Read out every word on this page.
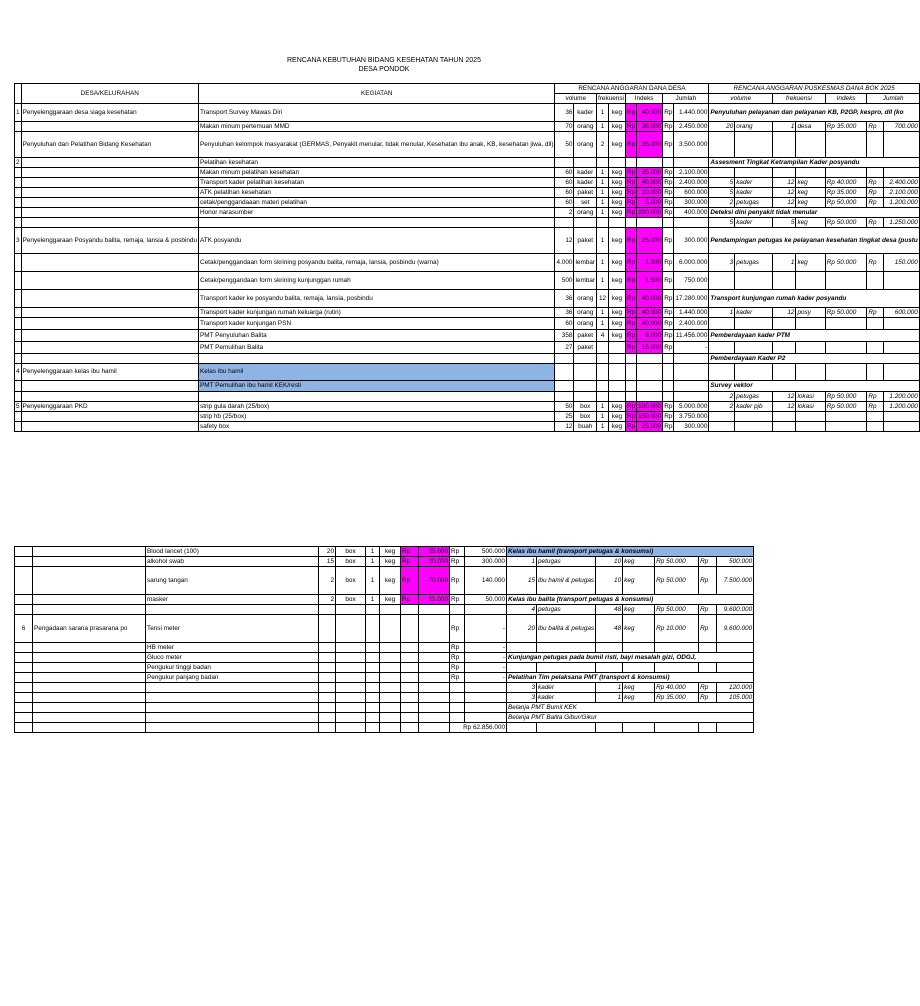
RENCANA KEBUTUHAN BIDANG KESEHATAN TAHUN 2025
DESA PONDOK
	DESA/KELURAHAN	KEGIATAN	RENCANA ANGGARAN DANA DESA								RENCANA ANGGARAN PUSKESMAS DANA BOK 2025						
			volume		frekuensi		Indeks		Jumlah		volume		frekuensi		Indeks	Jumlah	
1	Penyelenggaraan desa siaga kesehatan	Transport Survey Mawas Diri	36	kader	1	keg	Rp	40.000	Rp	1.440.000	Penyuluhan pelayanan dan pelayanan KB, P2GP, kespro, dll (ko						
		Makan minum pertemuan MMD	70	orang	1	keg	Rp	35.000	Rp	2.450.000	20	orang	1	desa	Rp 35.000	Rp	700.000
	Penyuluhan dan Pelatihan Bidang Kesehatan	Penyuluhan kelompok masyarakat (GERMAS, Penyakit menular, tidak menular, Kesehatan ibu anak, KB, kesehatan jiwa, dll)	50	orang	2	keg	Rp	35.000	Rp	3.500.000							
2		Pelatihan kesehatan									Assesment Tingkat Ketrampilan Kader posyandu						
		Makan minum pelatihan kesehatan	60	kader	1	keg	Rp	35.000	Rp	2.100.000							
		Transport kader pelatihan kesehatan	60	kader	1	keg	Rp	40.000	Rp	2.400.000	5	kader	12	keg	Rp 40.000	Rp	2.400.000
		ATK pelatihan kesehatan	60	paket	1	keg	Rp	10.000	Rp	600.000	5	kader	12	keg	Rp 35.000	Rp	2.100.000
		cetak/penggandaaan materi pelatihan	60	set	1	keg	Rp	5.000	Rp	300.000	2	petugas	12	keg	Rp 50.000	Rp	1.200.000
		Honor narasumber	2	orang	1	keg	Rp	200.000	Rp	400.000	Deteksi dini penyakit tidak menular						
											5	kader	5	keg	Rp 50.000	Rp	1.250.000
3	Penyelenggaraan Posyandu balita, remaja, lansia & posbindu	ATK posyandu	12	paket	1	keg	Rp	25.000	Rp	300.000	Pendampingan petugas ke pelayanan kesehatan tingkat desa (pustu						
		Cetak/penggandaan form skrining posyandu balita, remaja, lansia, posbindu (warna)	4.000	lembar	1	keg	Rp	1.500	Rp	6.000.000	3	petugas	1	keg	Rp 50.000	Rp	150.000
		Cetak/penggandaan form skrining kunjunggan rumah	500	lembar	1	keg	Rp	1.500	Rp	750.000							
		Transport kader ke posyandu balita, remaja, lansia, posbindu	36	orang	12	keg	Rp	40.000	Rp	17.280.000	Transport kunjungan rumah kader posyandu						
		Transport kader kunjungan rumah keluarga (rutin)	36	orang	1	keg	Rp	40.000	Rp	1.440.000	1	kader	12	posy	Rp 50.000	Rp	600.000
		Transport kader kunjungan PSN	60	orang	1	keg	Rp	40.000	Rp	2.400.000							
		PMT Penyuluhan Balita	358	paket	4	keg	Rp	8.000	Rp	11.456.000	Pemberdayaan kader PTM						
		PMT Pemulihan Balita	27	paket			Rp	15.000	Rp	-							
											Pemberdayaan Kader P2						
4	Penyelenggaraan kelas ibu hamil	Kelas ibu hamil															
		PMT Pemulihan ibu hamil KEK/resti									Survey vektor						
											2	petugas	12	lokasi	Rp 50.000	Rp	1.200.000
5	Penyelenggaraan PKD	strip gula darah (25/box)	50	box	1	keg	Rp	100.000	Rp	5.000.000	2	kader pjb	12	lokasi	Rp 50.000	Rp	1.200.000
		strip hb (25/box)	25	box	1	keg	Rp	150.000	Rp	3.750.000							
		safety box	12	buah	1	keg	Rp	25.000	Rp	300.000							
		Blood lancet (100)	20	box	1	keg	Rp	25.000	Rp	500.000	Kelas ibu hamil (transport petugas & konsumsi)						
		alkohol swab	15	box	1	keg	Rp	20.000	Rp	300.000	1	petugas	10	keg	Rp 50.000	Rp	500.000
		sarung tangan	2	box	1	keg	Rp	70.000	Rp	140.000	15	ibu hamil & petugas	10	keg	Rp 50.000	Rp	7.500.000
		masker	2	box	1	keg	Rp	25.000	Rp	50.000	Kelas ibu balita (transport petugas & konsumsi)						
											4	petugas	48	keg	Rp 50.000	Rp	9.600.000
6	Pengadaan sarana prasarana po	Tensi meter							Rp	-	20	ibu balita & petugas	48	keg	Rp 10.000	Rp	9.600.000
		HB meter							Rp	-							
		Gluco meter							Rp	-	Kunjungan petugas pada bumil risti, bayi masalah gizi, ODGJ,						
		Pengukur tinggi badan							Rp	-							
		Pengukur panjang badan							Rp	-	Pelatihan Tim pelaksana PMT (transport & konsumsi)						
											3	kader	1	keg	Rp 40.000	Rp	120.000
											3	kader	1	keg	Rp 35.000	Rp	105.000
											Belanja PMT Bumil KEK						
											Belanja PMT Balita Gibur/Gikur						
									Rp 62.856.000								
